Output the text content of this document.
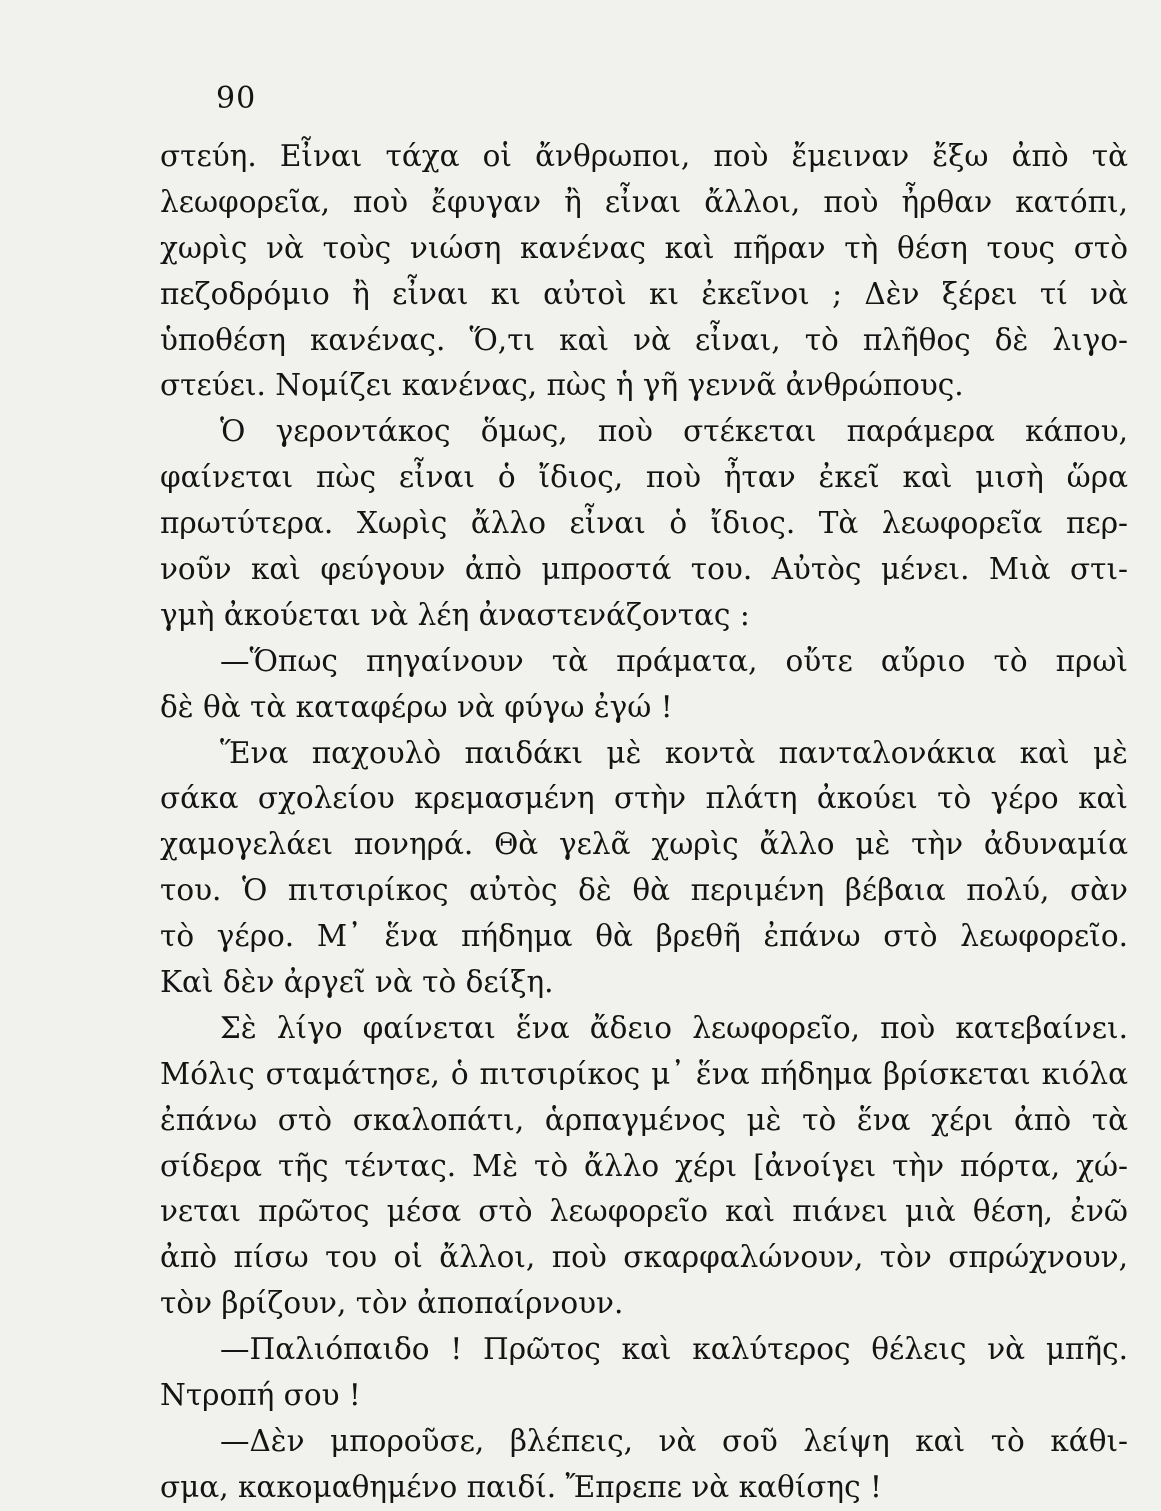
90
στεύη. Εἶναι τάχα οἱ ἄνθρωποι, ποὺ ἔμειναν ἔξω ἀπὸ τὰ
λεωφορεῖα, ποὺ ἔφυγαν ἢ εἶναι ἄλλοι, ποὺ ἦρθαν κατόπι,
χωρὶς νὰ τοὺς νιώση κανένας καὶ πῆραν τὴ θέση τους στὸ
πεζοδρόμιο ἢ εἶναι κι αὐτοὶ κι ἐκεῖνοι ; Δὲν ξέρει τί νὰ
ὑποθέση κανένας. Ὅ,τι καὶ νὰ εἶναι, τὸ πλῆθος δὲ λιγο-
στεύει. Νομίζει κανένας, πὼς ἡ γῆ γεννᾶ ἀνθρώπους.
Ὁ γεροντάκος ὅμως, ποὺ στέκεται παράμερα κάπου,
φαίνεται πὼς εἶναι ὁ ἴδιος, ποὺ ἦταν ἐκεῖ καὶ μισὴ ὥρα
πρωτύτερα. Χωρὶς ἄλλο εἶναι ὁ ἴδιος. Τὰ λεωφορεῖα περ-
νοῦν καὶ φεύγουν ἀπὸ μπροστά του. Αὐτὸς μένει. Μιὰ στι-
γμὴ ἀκούεται νὰ λέη ἀναστενάζοντας :
—Ὅπως πηγαίνουν τὰ πράματα, οὔτε αὔριο τὸ πρωὶ
δὲ θὰ τὰ καταφέρω νὰ φύγω ἐγώ !
Ἕνα παχουλὸ παιδάκι μὲ κοντὰ πανταλονάκια καὶ μὲ
σάκα σχολείου κρεμασμένη στὴν πλάτη ἀκούει τὸ γέρο καὶ
χαμογελάει πονηρά. Θὰ γελᾶ χωρὶς ἄλλο μὲ τὴν ἀδυναμία
του. Ὁ πιτσιρίκος αὐτὸς δὲ θὰ περιμένη βέβαια πολύ, σὰν
τὸ γέρο. Μ᾽ ἕνα πήδημα θὰ βρεθῆ ἐπάνω στὸ λεωφορεῖο.
Καὶ δὲν ἀργεῖ νὰ τὸ δείξη.
Σὲ λίγο φαίνεται ἕνα ἄδειο λεωφορεῖο, ποὺ κατεβαίνει.
Μόλις σταμάτησε, ὁ πιτσιρίκος μ᾽ ἕνα πήδημα βρίσκεται κιόλα
ἐπάνω στὸ σκαλοπάτι, ἁρπαγμένος μὲ τὸ ἕνα χέρι ἀπὸ τὰ
σίδερα τῆς τέντας. Μὲ τὸ ἄλλο χέρι [ἀνοίγει τὴν πόρτα, χώ-
νεται πρῶτος μέσα στὸ λεωφορεῖο καὶ πιάνει μιὰ θέση, ἐνῶ
ἀπὸ πίσω του οἱ ἄλλοι, ποὺ σκαρφαλώνουν, τὸν σπρώχνουν,
τὸν βρίζουν, τὸν ἀποπαίρνουν.
—Παλιόπαιδο ! Πρῶτος καὶ καλύτερος θέλεις νὰ μπῆς.
Ντροπή σου !
—Δὲν μποροῦσε, βλέπεις, νὰ σοῦ λείψη καὶ τὸ κάθι-
σμα, κακομαθημένο παιδί. Ἔπρεπε νὰ καθίσης !
